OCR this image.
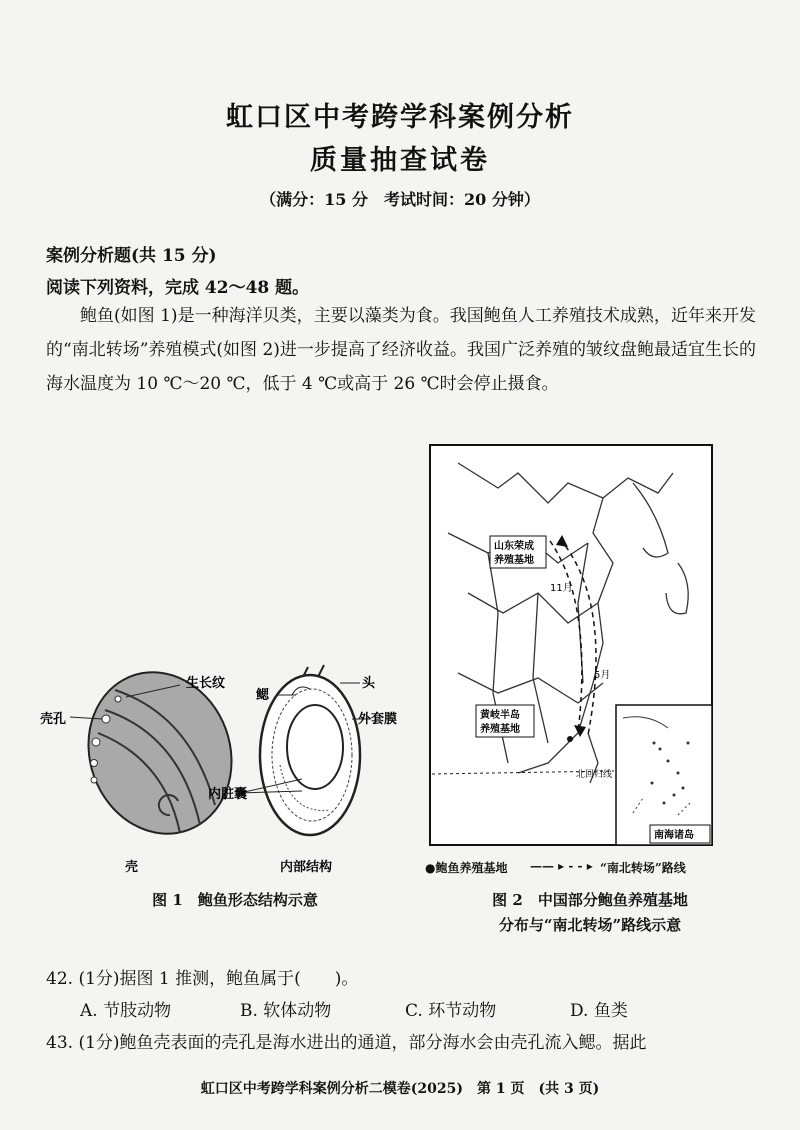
虹口区中考跨学科案例分析
质量抽查试卷
（满分：15 分　考试时间：20 分钟）
案例分析题(共 15 分)
阅读下列资料，完成 42～48 题。
鲍鱼(如图 1)是一种海洋贝类，主要以藻类为食。我国鲍鱼人工养殖技术成熟，近年来开发的“南北转场”养殖模式(如图 2)进一步提高了经济收益。我国广泛养殖的皱纹盘鲍最适宜生长的海水温度为 10 ℃～20 ℃，低于 4 ℃或高于 26 ℃时会停止摄食。
生长纹
壳孔
鳃
头
外套膜
内脏囊
壳	内部结构
图 1　鲍鱼形态结构示意
北回归线
山东荣成
养殖基地
黄岐半岛
养殖基地
11月
5月
南海诸岛
●鲍鱼养殖基地 —— ▸ - - ▸ “南北转场”路线
图 2　中国部分鲍鱼养殖基地
分布与“南北转场”路线示意
42. (1分)据图 1 推测，鲍鱼属于(　　)。
A. 节肢动物	B. 软体动物	C. 环节动物	D. 鱼类
43. (1分)鲍鱼壳表面的壳孔是海水进出的通道，部分海水会由壳孔流入鳃。据此
虹口区中考跨学科案例分析二模卷(2025)　第 1 页　(共 3 页)
